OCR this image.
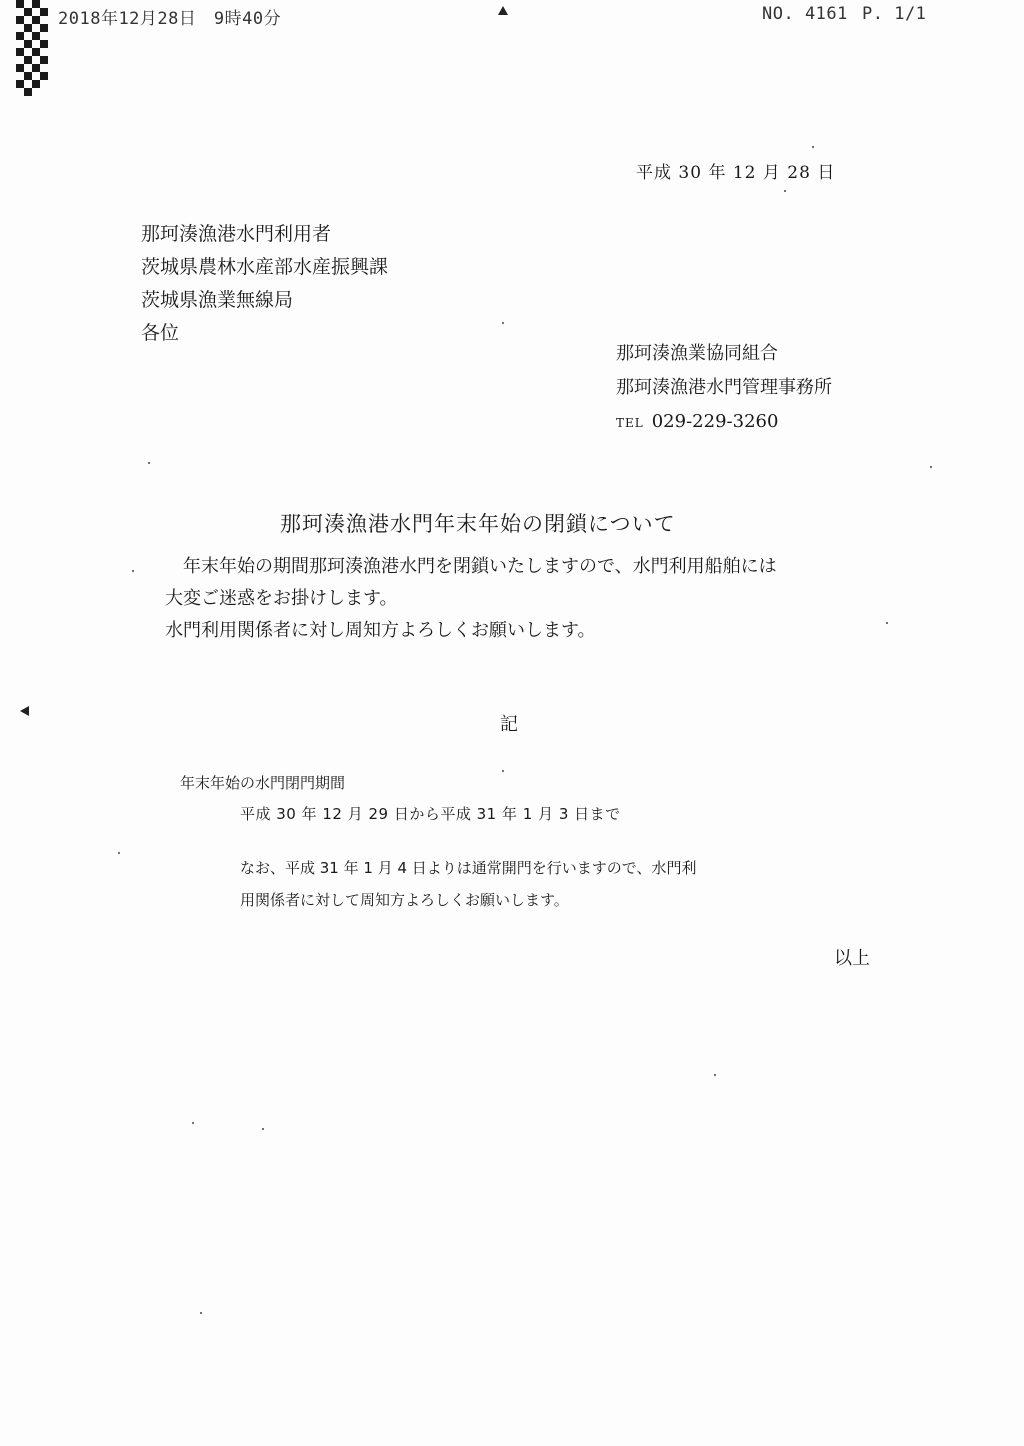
2018年12月28日　9時40分	NO. 4161 P. 1/1
平成 30 年 12 月 28 日
那珂湊漁港水門利用者
茨城県農林水産部水産振興課
茨城県漁業無線局
各位
那珂湊漁業協同組合
那珂湊漁港水門管理事務所
TEL 029-229-3260
那珂湊漁港水門年末年始の閉鎖について

　年末年始の期間那珂湊漁港水門を閉鎖いたしますので、水門利用船舶には

大変ご迷惑をお掛けします。

水門利用関係者に対し周知方よろしくお願いします。

記
年末年始の水門閉門期間
平成 30 年 12 月 29 日から平成 31 年 1 月 3 日まで

なお、平成 31 年 1 月 4 日よりは通常開門を行いますので、水門利

用関係者に対して周知方よろしくお願いします。

以上
